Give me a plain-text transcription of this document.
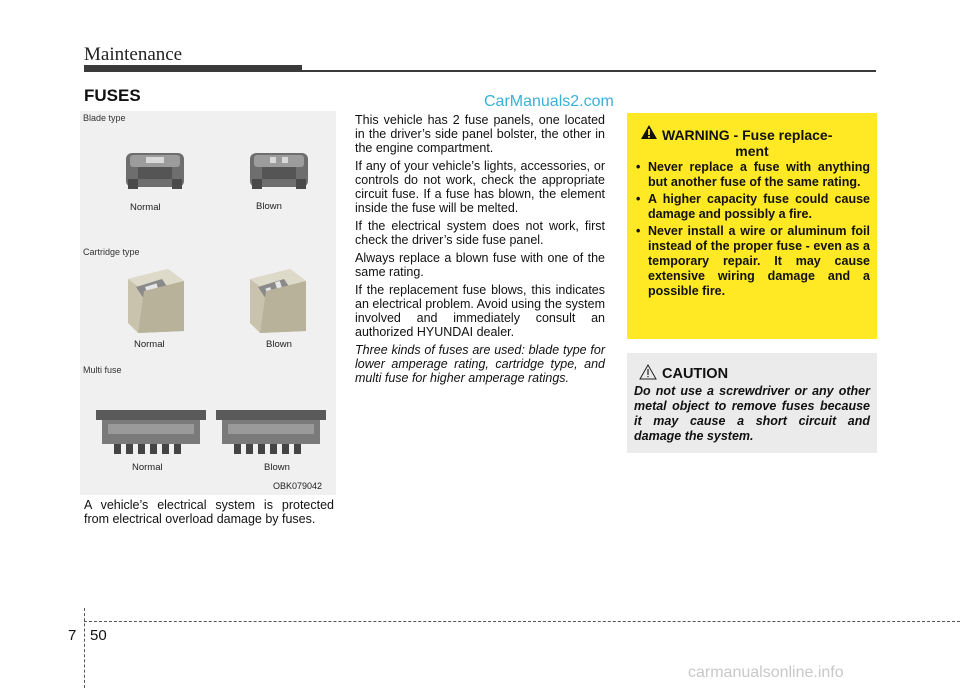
Maintenance
FUSES	CarManuals2.com
Blade type
Normal	Blown
Cartridge type
Normal	Blown
Multi fuse
Normal	Blown
OBK079042

A vehicle’s electrical system is protected from electrical overload damage by fuses.

This vehicle has 2 fuse panels, one located in the driver’s side panel bolster, the other in the engine compartment.

If any of your vehicle’s lights, accessories, or controls do not work, check the appropriate circuit fuse. If a fuse has blown, the element inside the fuse will be melted.

If the electrical system does not work, first check the driver’s side fuse panel.

Always replace a blown fuse with one of the same rating.

If the replacement fuse blows, this indicates an electrical problem. Avoid using the system involved and immediately consult an authorized HYUNDAI dealer.

Three kinds of fuses are used: blade type for lower amperage rating, cartridge type, and multi fuse for higher amperage ratings.

WARNING - Fuse replace-
ment
• Never replace a fuse with anything but another fuse of the same rating.
• A higher capacity fuse could cause damage and possibly a fire.
• Never install a wire or aluminum foil instead of the proper fuse - even as a temporary repair. It may cause extensive wiring damage and a possible fire.
CAUTION

Do not use a screwdriver or any other metal object to remove fuses because it may cause a short circuit and damage the system.

7 50
carmanualsonline.info
